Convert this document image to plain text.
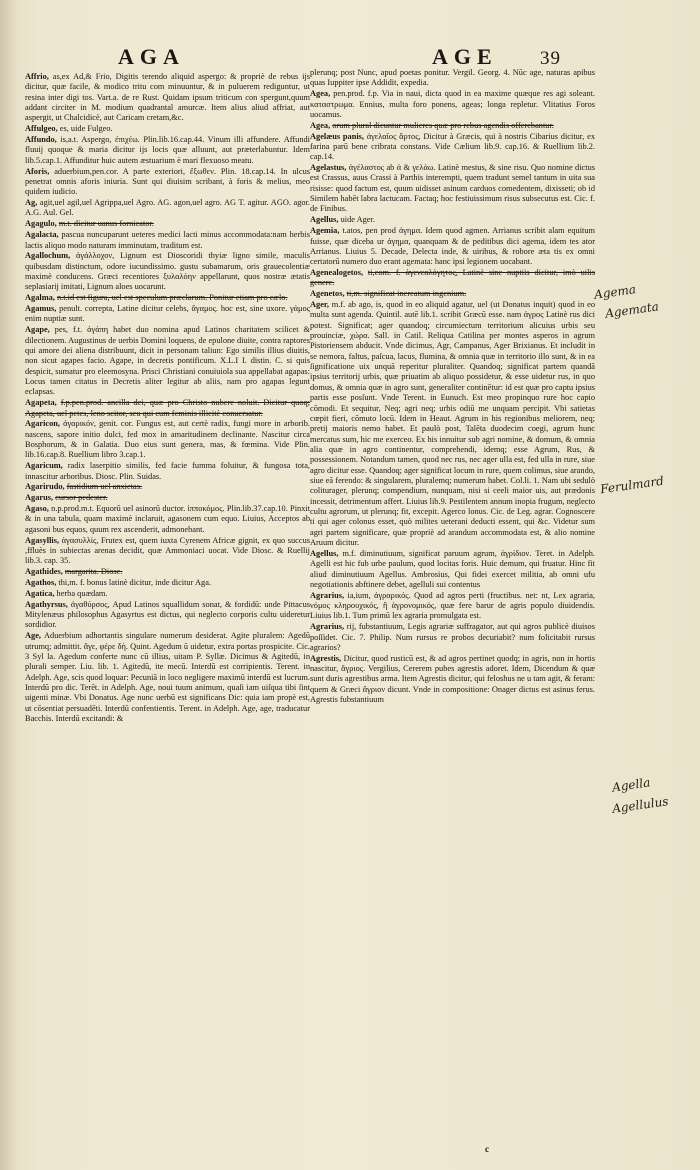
AGA	AGE 39

Affrio, as,ex Ad,& Frio, Digitis terendo aliquid aspergo: & propriè de rebus ijs dicitur, quæ facile, & modico tritu com minuuntur, & in puluerem rediguntur, ut resina inter digi tos. Vart.a. de re Rust. Quidam ipsum triticum con spergunt,quum addant circiter in M. modium quadrantal amurcæ. Item alius aliud affriat, aut aspergit, ut Chalcidicè, aut Caricam cretam,&c.

Affulgeo, es, uide Fulgeo.

Affundo, is,a.t. Aspergo, ἐπιχέω. Plin.lib.16.cap.44. Vinum illi affundere. Affundi fluuij quoque & maria dicitur ijs locis quæ alluunt, aut præterlabuntur. Idem lib.5.cap.1. Affunditur huic autem æstuarium è mari flexuoso meatu.

Aforis, aduerbium,pen.cor. A parte exteriori, ἔξωθεν. Plin. 18.cap.14. In ulcus penetrat omnis aforis iniuria. Sunt qui diuisim scribant, à foris & melius, meo quidem iudicio.

Ag, agit,uel agil,uel Agrippa,uel Agro. AG. agon,uel agro. AG T. agitur. AGO. agor. A.G. Aul. Gel.

Agagulo, m.t. dicitur uanus fornicator.

Agalacta, pascua nuncuparunt ueteres medici lacti minus accommodata:nam herbis lactis aliquo modo naturam imminutam, traditum est.

Agallochum, ἀγάλλοχον, Lignum est Dioscoridi thyiæ ligno simile, maculis quibusdam distinctum, odore iucundissimo. gustu subamarum, oris grauecolentiæ maximè conducens. Græci recentiores ξυλαλόην appellarunt, quos nostræ ætatis seplasiarij imitati, Lignum aloes uocarunt.

Agalma, n.t.id est figura, uel est speculum præclarum. Ponitur etiam pro cælo.

Agamus, penult. correpta, Latine dicitur celebs, ἄγαμος. hoc est, sine uxore. γάμος enim nuptiæ sunt.

Agape, pes, f.t. ἀγάπη habet duo nomina apud Latinos charitatem scilicet & dilectionem. Augustinus de uerbis Domini loquens, de epulone diuite, contra raptores qui amore dei aliena distribuunt, dicit in personam taliun: Ego similis illius diuitis, non sicut agapes facio. Agape, in decretis pontificum. X.L.I I. distin. C. si quis despicit, sumatur pro eleemosyna. Prisci Christiani conuiuiola sua appellabat agapas: Locus tamen citatus in Decretis aliter legitur ab aliis, nam pro agapas legunt eclapsas.

Agapeta, f.p.pen.prod. ancilla dei, quæ pro Christo nubere noluit. Dicitur quoq; Agapeta, uel petes, leno scitor, seu qui cum feminis illicitè conuersatur.

Agaricon, ἀγαρικόν, genit. cor. Fungus est, aut certè radix, fungi more in arborib. nascens, sapore initio dulci, fed mox in amaritudinem declinante. Nascitur circa Bosphorum, & in Galatia. Duo eius sunt genera, mas, & fœmina. Vide Plin. lib.16.cap.8. Ruellium libro 3.cap.1.

Agaricum, radix laserpitio similis, fed facie fumma foluitur, & fungosa tota, innascitur arboribus. Diosc. Plin. Suidas.

Agarirudo, fastidium uel anxietas.

Agarus, cursor pedester.

Agaso, n.p.prod.m.t. Equorū uel asinorū ductor. ἱπποκόμος. Plin.lib.37.cap.10. Pinxit & in una tabula, quam maximè inclaruit, agasonem cum equo. Liuius, Acceptos ab agasoni bus equos, quum rex ascenderit, admonebant.

Agasyllis, ἀγασυλλίς, Frutex est, quem iuxta Cyrenem Africæ gignit, ex quo succus ,ffluès in subiectas arenas decidit, quæ Ammoniaci uocat. Vide Diosc. & Ruellij lib.3. cap. 35.

Agathides, margarita. Diosc.

Agathos, thi,m. f. bonus latinè dicitur, inde dicitur Aga.

Agatica, herba quædam.

Agathyrsus, ἀγαθύρσος, Apud Latinos squallidum sonat, & fordidū: unde Pittacus Mitylenæus philosophus Agasyrtus est dictus, qui neglecto corporis cultu uideretur sordidior.

Age, Aduerbium adhortantis singulare numerum desiderat. Agite pluralem: Agedũ utrumq; admittit. ἄγε, φέρε δὴ. Quint. Agedum ũ uidetur, extra portas prospicite. Cic. 3 Syl la. Agedum conferte nunc cū illius, uitam P. Syllæ. Dicimus & Agitedũ, in plurali semper. Liu. lib. 1. Agitedũ, ite mecū. Interdũ est corripientis. Terent. in Adelph. Age, scis quod loquar: Pecuniā in loco negligere maximũ interdũ est lucrum. Interdũ pro dic. Terēt. in Adelph. Age, noui tuum animum, quaſi iam uiſqua tibi ſint uigenti minæ. Vbi Donatus. Age nunc uerbū est significans Dic: quia iam propè est, ut cōsentiat persuadēti. Interdū confentientis. Terent. in Adelph. Age, age, traducatur Bacchis. Interdū excitandi: &

plerunq; post Nunc, apud poetas ponitur. Vergil. Georg. 4. Nūc age, naturas apibus quas Iuppiter ipse Addidit, expedia.

Agea, pen.prod. f.p. Via in naui, dicta quod in ea maxime quæque res agi soleant. καταστρωμα. Ennius, multa foro ponens, ageas; longa repletur. Vlitatius Foros uocamus.

Agea, orum plural dicuntur mulieres quæ pro rebus agendis offerebantur.

Agelæus panis, ἀγελαῖος ἄρτος, Dicitur à Græcis, qui à nostris Cibarius dicitur, ex farina parū bene cribrata constans. Vide Cælium lib.9. cap.16. & Ruellium lib.2. cap.14.

Agelastus, ἀγέλαστος ab ἀ & γελάω. Latinè mestus, & sine risu. Quo nomine dictus est Crassus, auus Crassi à Parthis interempti, quem tradunt semel tantum in uita sua risisse: quod factum est, quum uidisset asinum carduos comedentem, dixisseti; ob id Similem habēt labra lactucam. Factaq; hoc festiuissimum risus subsecutus est. Cic. f. de Finibus.

Agellus, uide Ager.

Agemia, t.atos, pen prod ἀγημα. Idem quod agmen. Arrianus scribit alam equitum fuisse, quæ diceba ur ἀγημα, quanquam & de peditibus dici agema, idem tes ator Arrianus. Liuius 5. Decade, Delecta inde, & uiribus, & robore æta tis ex omni certatorū numero duo erant agemata: hanc ipsi legionem uocabant.

Agenealogetos, ti,com. f. ἀγενεαλόγητος, Latinè sine nuptiis dicitur, imò uilis genere.

Agenetos, ti,m. significat increatum ingenium.

Ager, m.f. ab ago, is, quod in eo aliquid agatur, uel (ut Donatus inquit) quod in eo multa sunt agenda. Quintil. autē lib.1. scribit Græcū esse. nam ἀγρος Latinè rus dici potest. Significat; ager quandoq; circumiectum territorium alicuius urbis seu prouinciæ, χώρα. Sall. in Catil. Reliqua Catilina per montes asperos in agrum Pistoriensem abducit. Vnde dicimus, Agr, Campanus, Ager Brixianus. Et includit in se nemora, faltus, paſcua, lacus, flumina, & omnia quæ in territorio illo sunt, & in ea ſignificatione uix unquā reperitur pluraliter. Quandoq; significat partem quandā ipsius territorij urbis, quæ priuatim ab aliquo possidetur, & esse uidetur rus, in quo domus, & omnia quæ in agro sunt, generaliter continētur: id est quæ pro captu ipsius partis esse posſunt. Vnde Terent. in Eunuch. Est meo propinquo rure hoc capio cōmodi. Et sequitur, Neq; agri neq; urbis odiū me unquam percipit. Vbi satietas cœpit fieri, cōmuto locū. Idem in Heaut. Agrum in his regionibus meliorem, neq; pretij maioris nemo habet. Et paulò post, Talēta duodecim coegi, agrum hunc mercatus sum, hic me exerceo. Ex his innuitur sub agri nomine, & domum, & omnia alia quæ in agro continentur, comprehendi, idemq; esse Agrum, Rus, & possessionem. Notandum tamen, quod nec rus, nec ager ulla est, fed ulla in rure, siue agro dicitur esse. Quandoq; ager significat locum in rure, quem colimus, siue arando, siue eā ferendo: & singularem, pluralemq; numerum habet. Col.li. 1. Nam ubi sedulò coliturager, plerunq; compendium, nunquam, nisi si ceeli maior uis, aut prædonis incessit, detrimentum affert. Liuius lib.9. Pestilentem annum inopia frugum, neglecto cultu agrorum, ut plerunq; fit, excepit. Agerco lonus. Cic. de Leg. agrar. Cognoscere ti qui ager colonus esset, quò milites ueterani deducti essent, qui &c. Videtur sum agri partem significare, quæ propriè ad arandum accommodata est, & alio nomine Aruum dicitur.

Agellus, m.f. diminutiuum, significat paruum agrum, ἀγρίδιον. Teret. in Adelph. Agelli est hic fub urbe paulum, quod locitas foris. Huic demum, qui fruatur. Hinc fit aliud diminutiuum Agellus. Ambrosius, Qui fidei exercet militia, ab omni ufu negotiationis abftinere debet, agelluli sui contentus

Agrarius, ia,ium, ἀγραρικός. Quod ad agros perti (fructibus. net: nt, Lex agraria, νόμος κληρουχικός, ἢ ἀγρονομικός, quæ fere barur de agris populo diuidendis. Liuius lib.1. Tum primū lex agraria promulgata est.

Agrarius, rij, fubstantiuum, Legis agrariæ suffragator, aut qui agros publicè diuisos poſſidet. Cic. 7. Philip. Num rursus re probos decuriabit? num folicitabit rursus agrarios?

Agrestis, Dicitur, quod rusticū est, & ad agros pertinet quodq; in agris, non in hortis nascitur, ἄγριος. Vergilius, Cererem pubes agrestis adoret. Idem, Dicendum & quæ sunt duris agrestibus arma. Item Agrestis dicitur, qui feloshus ne u tam agit, & feram: quem & Græci ἄγριον dicunt. Vnde in compositione: Onager dictus est asinus ferus. Agrestis fubstantiuum

Agema
Agemata
Ferulmard
Agella
Agellulus
c
